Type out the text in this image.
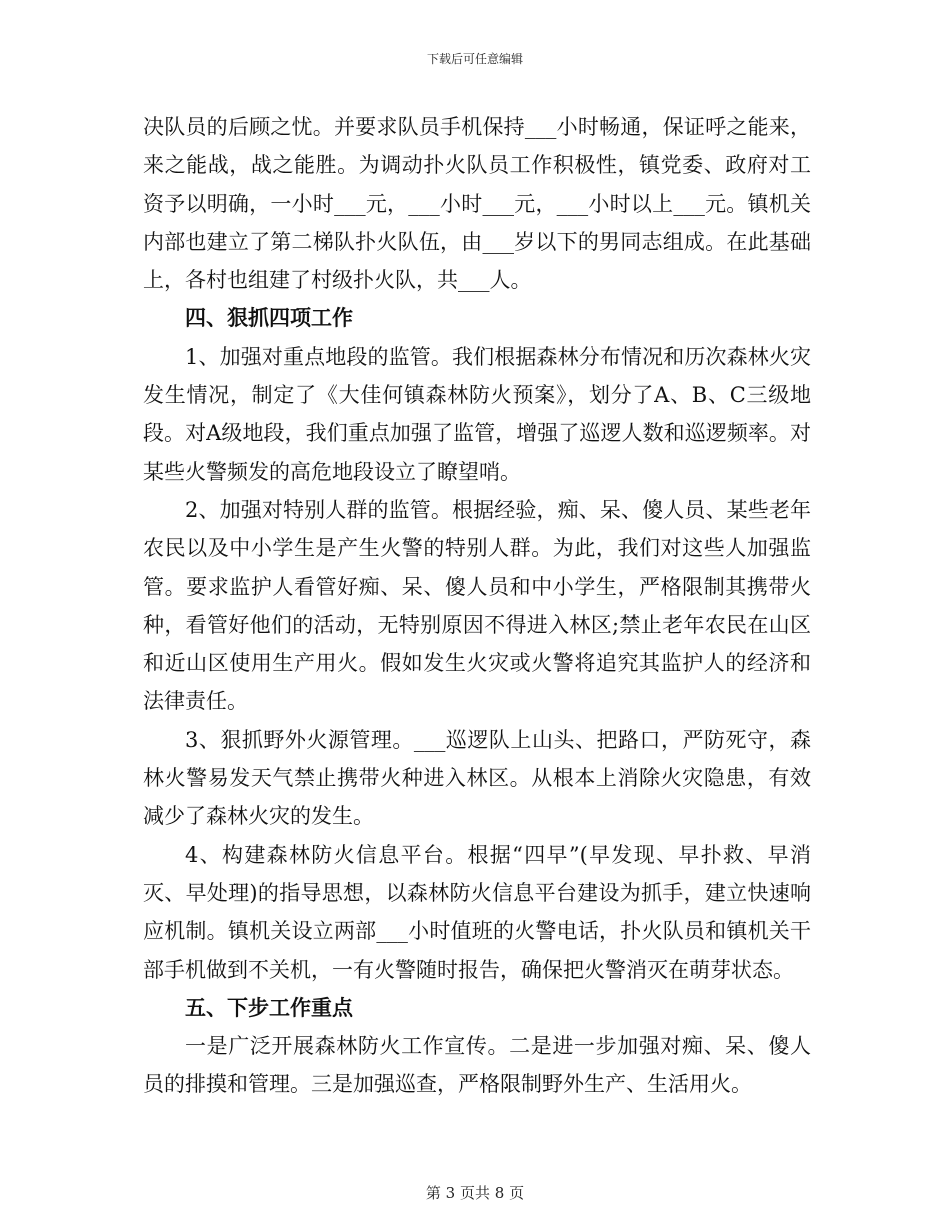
下载后可任意编辑

决队员的后顾之忧。并要求队员手机保持___小时畅通，保证呼之能来，来之能战，战之能胜。为调动扑火队员工作积极性，镇党委、政府对工资予以明确，一小时___元，___小时___元，___小时以上___元。镇机关内部也建立了第二梯队扑火队伍，由___岁以下的男同志组成。在此基础上，各村也组建了村级扑火队，共___人。

四、狠抓四项工作

1、加强对重点地段的监管。我们根据森林分布情况和历次森林火灾发生情况，制定了《大佳何镇森林防火预案》，划分了A、B、C三级地段。对A级地段，我们重点加强了监管，增强了巡逻人数和巡逻频率。对某些火警频发的高危地段设立了瞭望哨。

2、加强对特别人群的监管。根据经验，痴、呆、傻人员、某些老年农民以及中小学生是产生火警的特别人群。为此，我们对这些人加强监管。要求监护人看管好痴、呆、傻人员和中小学生，严格限制其携带火种，看管好他们的活动，无特别原因不得进入林区;禁止老年农民在山区和近山区使用生产用火。假如发生火灾或火警将追究其监护人的经济和法律责任。

3、狠抓野外火源管理。___巡逻队上山头、把路口，严防死守，森林火警易发天气禁止携带火种进入林区。从根本上消除火灾隐患，有效减少了森林火灾的发生。

4、构建森林防火信息平台。根据“四早”(早发现、早扑救、早消灭、早处理)的指导思想，以森林防火信息平台建设为抓手，建立快速响应机制。镇机关设立两部___小时值班的火警电话，扑火队员和镇机关干部手机做到不关机，一有火警随时报告，确保把火警消灭在萌芽状态。

五、下步工作重点

一是广泛开展森林防火工作宣传。二是进一步加强对痴、呆、傻人员的排摸和管理。三是加强巡查，严格限制野外生产、生活用火。

第 3 页共 8 页
